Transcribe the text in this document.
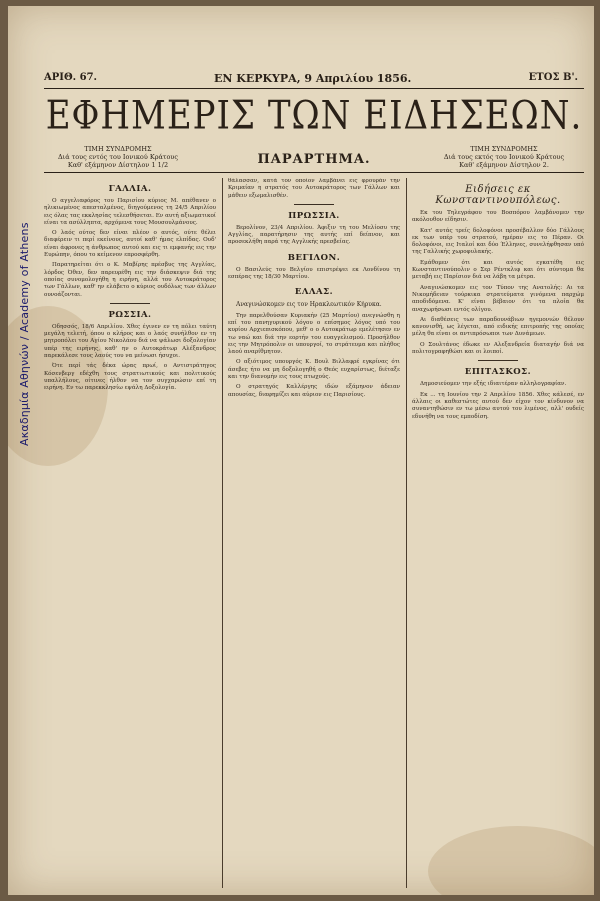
Ακαδημία Αθηνών / Academy of Athens
ΑΡΙΘ. 67.	ΕΝ ΚΕΡΚΥΡΑ, 9 Απριλίου 1856.	ΕΤΟΣ Β'.
ΕΦΗΜΕΡΙΣ ΤΩΝ ΕΙΔΗΣΕΩΝ.
ΤΙΜΗ ΣΥΝΔΡΟΜΗΣ
Διά τους εντός του Ιονικού Κράτους
Καθ' εξάμηνον Δίστηλον 1 1/2	ΠΑΡΑΡΤΗΜΑ.
ΤΙΜΗ ΣΥΝΔΡΟΜΗΣ
Διά τους εκτός του Ιονικού Κράτους
Καθ' εξάμηνον Δίστηλον 2.
ΓΑΛΛΙΑ.
Ο αγγελιαφόρος του Παρισίου κύριος Μ. απέθανεν ο ηλικιωμένος απεσταλμένος, διηγούμενος τη 24/5 Απριλίου εις όλας τας εκκλησίας τελεσθήσεται. Εν αυτή αξιωματικοί είναι τα ασύλληπτα, αρχόμενα τους Μουσουλμάνους.
Ο λαός ούτος δεν είναι πλέον ο αυτός, ούτε θέλει διαφέρειν τι περί εκείνους, αυτοί καθ' ήμας ελπίδας. Ουδ' είναι άφρονες η άνθρωπος αυτού και εις τι εμφανής εις την Ευρώπην, όπου το κείμενον επροσφέρθη.
Παρατηρείται ότι ο Κ. Μαβίρης πρέσβυς της Αγγλίας, λόρδος Όθεν, δεν παρευρέθη εις την διάσκεψιν διά της οποίας συνομολογήθη η ειρήνη, αλλά του Αυτοκράτορος των Γάλλων, καθ' ην ελάβετο ο κύριος ουδόλως των άλλων ουνοάζονται.
ΡΩΣΣΙΑ.
Οδησσός, 18/6 Απριλίου. Χθες έγινεν εν τη πόλει ταύτη μεγάλη τελετή, όπου ο κλήρος και ο λαός συνήλθον εν τη μητροπόλει του Αγίου Νικολάου διά να ψάλωσι δοξολογίαν υπέρ της ειρήνης, καθ' ην ο Αυτοκράτωρ Αλέξανδρος παρεκάλεσε τους λαούς του να μείνωσι ήσυχοι.
Ότε περί τάς δέκα ώρας πρωί, ο Αντιστράτηγος Κόσενβεργ εδέχθη τους στρατιωτικούς και πολιτικούς υπαλλήλους, οίτινες ήλθον να τον συγχαρώσιν επί τη ειρήνη. Εν τω παρεκκλησίω εψάλη Δοξολογία.
θάλασσαν, κατά τον οποίον λαμβάνει εις φρουράν την Κριμαίαν η στρατός του Αυτοκράτορος των Γάλλων και μάθειν εξωμαλισθέν.
ΠΡΩΣΣΙΑ.
Βερολίνον, 23/4 Απριλίου. Άφιξιν τη του Μελίοσυ της Αγγλίας, παρατήρησιν της αυτής επί δείπνον, και προσεκλήθη παρά της Αγγλικής πρεσβείας.
ΒΕΓΙΛΟΝ.
Ο Βασιλεύς του Βελγίου επιστρέψει εκ Λονδίνου τη εσπέρας της 18/30 Μαρτίου.
ΕΛΛΑΣ.
Αναγινώσκομεν εις τον Ηρακλεωτικόν Κήρυκα.
Την παρελθούσαν Κυριακήν (25 Μαρτίου) ανεγνώσθη η επί του πανηγυρικού λόγου ο επίσημος λόγος υπό του κυρίου Αρχιεπισκόπου, μεθ' ο ο Αυτοκράτωρ εμελέτησεν εν τω ναώ και διά την εορτήν του ευαγγελισμού. Προσήλθον εις την Μητρόπολιν οι υπουργοί, το στράτευμα και πλήθος λαού αναρίθμητον.
Ο αξιότιμος υπουργός Κ. Βουλ Βιλλαφρέ εγκρίνας ότι άσεβες ήτο να μη δοξολογηθή ο Θεός ευχαρίστως, διέταξε και την διανομήν εις τους πτωχούς.
Ο στρατηγός Καλλέργης ιδών εξάμηνον άδειαν απουσίας, διαφημίζει και αύριον εις Παρισίους.
Ειδήσεις εκ Κωνσταντινουπόλεως.
Εκ του Τηλεγράφου του Βοσπόρου λαμβάνομεν την ακόλουθον είδησιν.
Κατ' αυτάς τρείς δολοφόνοι προσέβαλλον δύο Γάλλους εκ των υπέρ του στρατού, ημέραν εις το Πέραν. Οι δολοφόνοι, εις Ιταλοί και δύο Έλληνες, συνελήφθησαν υπό της Γαλλικής χωροφυλακής.
Εμάθομεν ότι και αυτός εγκατέθη εις Κωνσταντινούπολιν ο Σερ Ρέντκλιφ και ότι σύντομα θα μεταβή εις Παρίσιον διά να λάβη τα μέτρα.
Αναγινώσκομεν εις τον Τύπον της Ανατολής: Αι τα Νικομήδειαν τούρκικα στρατεύματα γινόμενα παρχώμ αποδιδόμενα. Κ' είναι βέβαιον ότι τα πλοία θα αναχωρήσωσι εντός ολίγου.
Αι διαθέσεις των παραδουνάβιων ηγεμονιών θέλουν κανονισθή, ως λέγεται, από ειδικής επιτροπής της οποίας μέλη θα είναι οι αντιπρόσωποι των Δυνάμεων.
Ο Σουλτάνος έδωκε εν Αλεξανδρεία διαταγήν διά να πολιτογραφηθώσι και οι λοιποί.
ΕΠΙΤΑΣΚΟΣ.
Δημοσιεύομεν την εξής ιδιαιτέραν αλληλογραφίαν.
Εκ ... τη Ιουνίου την 2 Απριλίου 1856. Χθες κάλεσέ, εν άλλαις οι καθεστώτες αυτού δεν είχον τον κίνδυνον να συναντηθώσιν εν τω μέσω αυτού του λιμένος, αλλ' ουδείς εδυνήθη να τους εμποδίση.
